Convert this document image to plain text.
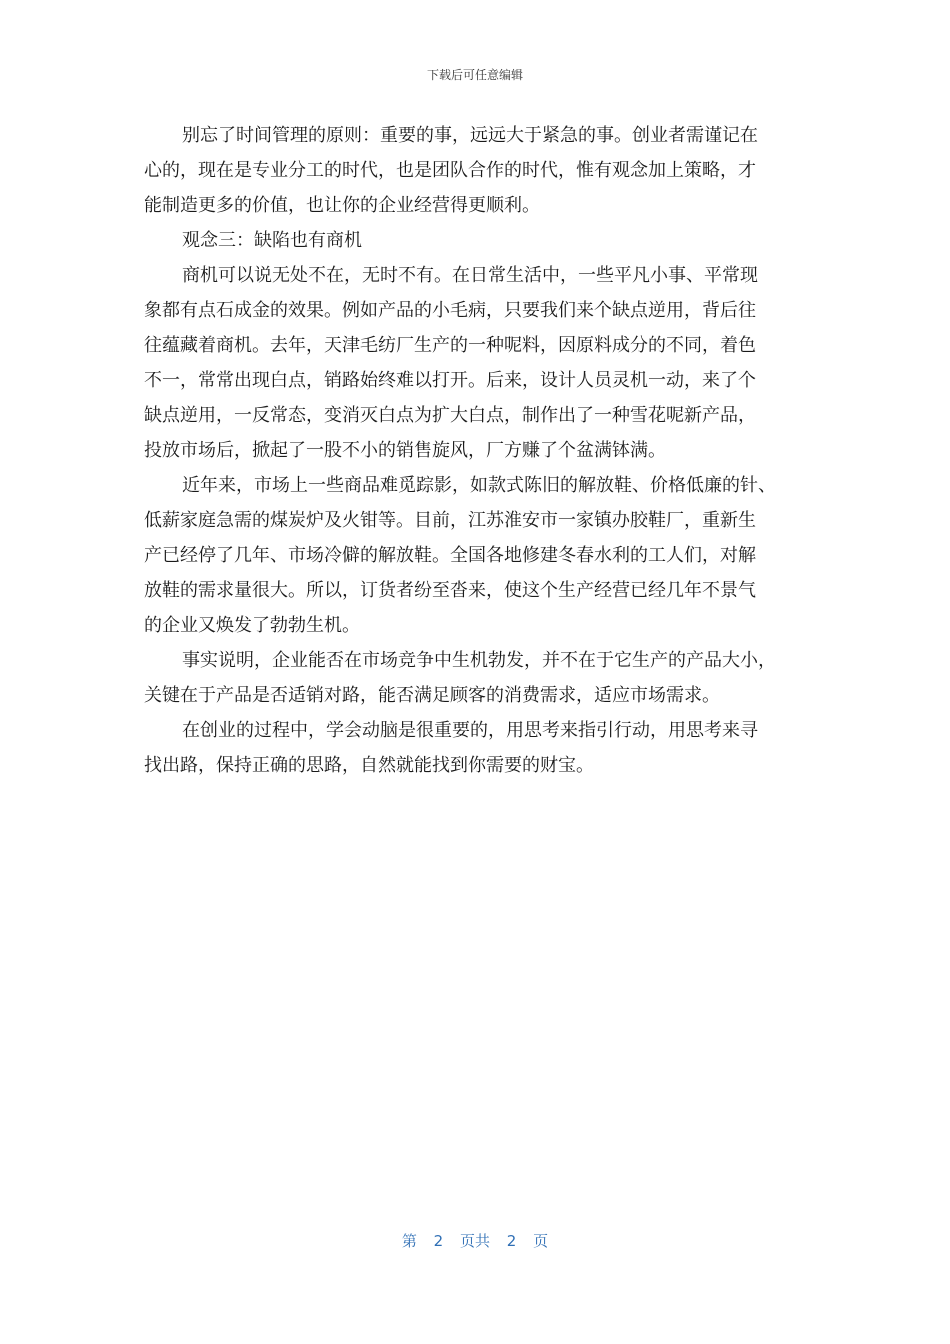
下载后可任意编辑
别忘了时间管理的原则：重要的事，远远大于紧急的事。创业者需谨记在
心的，现在是专业分工的时代，也是团队合作的时代，惟有观念加上策略，才
能制造更多的价值，也让你的企业经营得更顺利。
观念三：缺陷也有商机
商机可以说无处不在，无时不有。在日常生活中，一些平凡小事、平常现
象都有点石成金的效果。例如产品的小毛病，只要我们来个缺点逆用，背后往
往蕴藏着商机。去年，天津毛纺厂生产的一种呢料，因原料成分的不同，着色
不一，常常出现白点，销路始终难以打开。后来，设计人员灵机一动，来了个
缺点逆用，一反常态，变消灭白点为扩大白点，制作出了一种雪花呢新产品，
投放市场后，掀起了一股不小的销售旋风，厂方赚了个盆满钵满。
近年来，市场上一些商品难觅踪影，如款式陈旧的解放鞋、价格低廉的针、
低薪家庭急需的煤炭炉及火钳等。目前，江苏淮安市一家镇办胶鞋厂，重新生
产已经停了几年、市场冷僻的解放鞋。全国各地修建冬春水利的工人们，对解
放鞋的需求量很大。所以，订货者纷至沓来，使这个生产经营已经几年不景气
的企业又焕发了勃勃生机。
事实说明，企业能否在市场竞争中生机勃发，并不在于它生产的产品大小，
关键在于产品是否适销对路，能否满足顾客的消费需求，适应市场需求。
在创业的过程中，学会动脑是很重要的，用思考来指引行动，用思考来寻
找出路，保持正确的思路，自然就能找到你需要的财宝。
第 2 页共 2 页
